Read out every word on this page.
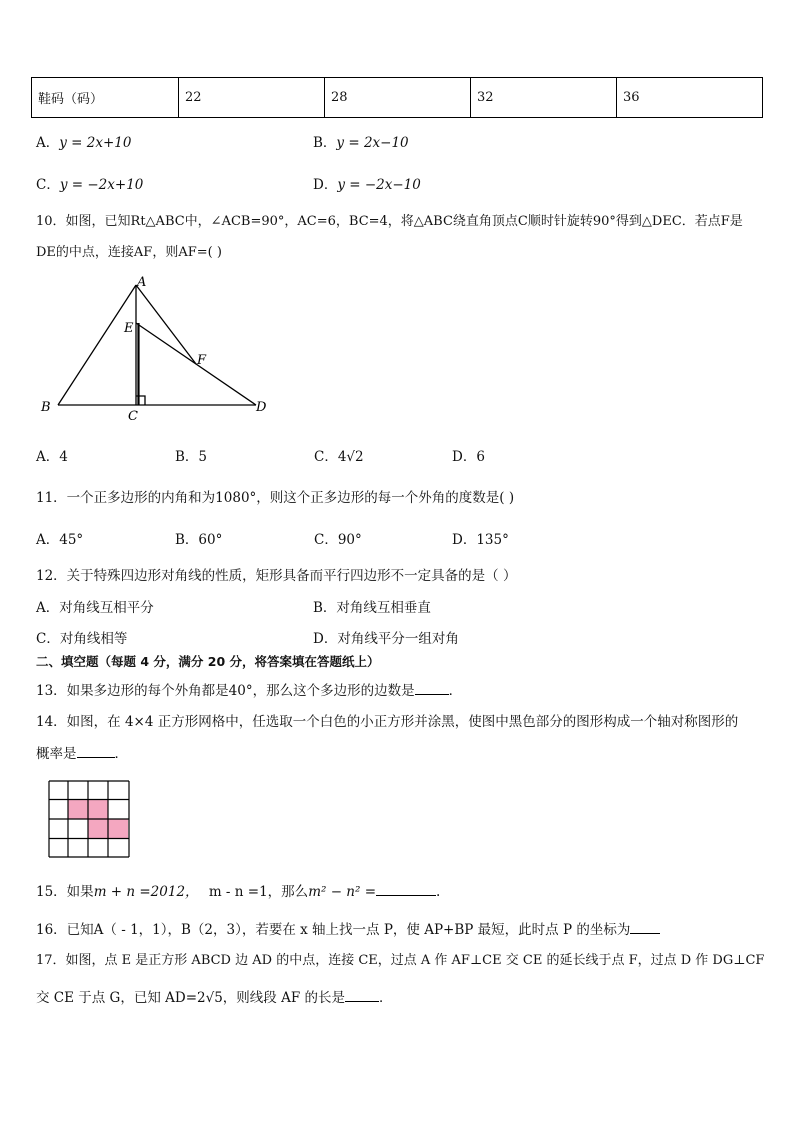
鞋码（码）	22	28	32	36
A．y = 2x+10	B．y = 2x−10
C．y = −2x+10	D．y = −2x−10
10．如图，已知Rt△ABC中，∠ACB=90°，AC=6，BC=4，将△ABC绕直角顶点C顺时针旋转90°得到△DEC．若点F是
DE的中点，连接AF，则AF=( )
A
B
C
D
E
F
A．4	B．5	C．4√2	D．6
11．一个正多边形的内角和为1080°，则这个正多边形的每一个外角的度数是( )
A．45°	B．60°	C．90°	D．135°
12．关于特殊四边形对角线的性质，矩形具备而平行四边形不一定具备的是（ ）
A．对角线互相平分	B．对角线互相垂直
C．对角线相等	D．对角线平分一组对角
二、填空题（每题 4 分，满分 20 分，将答案填在答题纸上）
13．如果多边形的每个外角都是40°，那么这个多边形的边数是	．
14．如图，在 4×4 正方形网格中，任选取一个白色的小正方形并涂黑，使图中黑色部分的图形构成一个轴对称图形的
概率是	．
15．如果m + n =2012， m - n =1，那么m² − n² =	.
16．已知A（ - 1，1），B（2，3），若要在 x 轴上找一点 P，使 AP+BP 最短，此时点 P 的坐标为
17．如图，点 E 是正方形 ABCD 边 AD 的中点，连接 CE，过点 A 作 AF⊥CE 交 CE 的延长线于点 F，过点 D 作 DG⊥CF
交 CE 于点 G，已知 AD=2√5，则线段 AF 的长是	．
